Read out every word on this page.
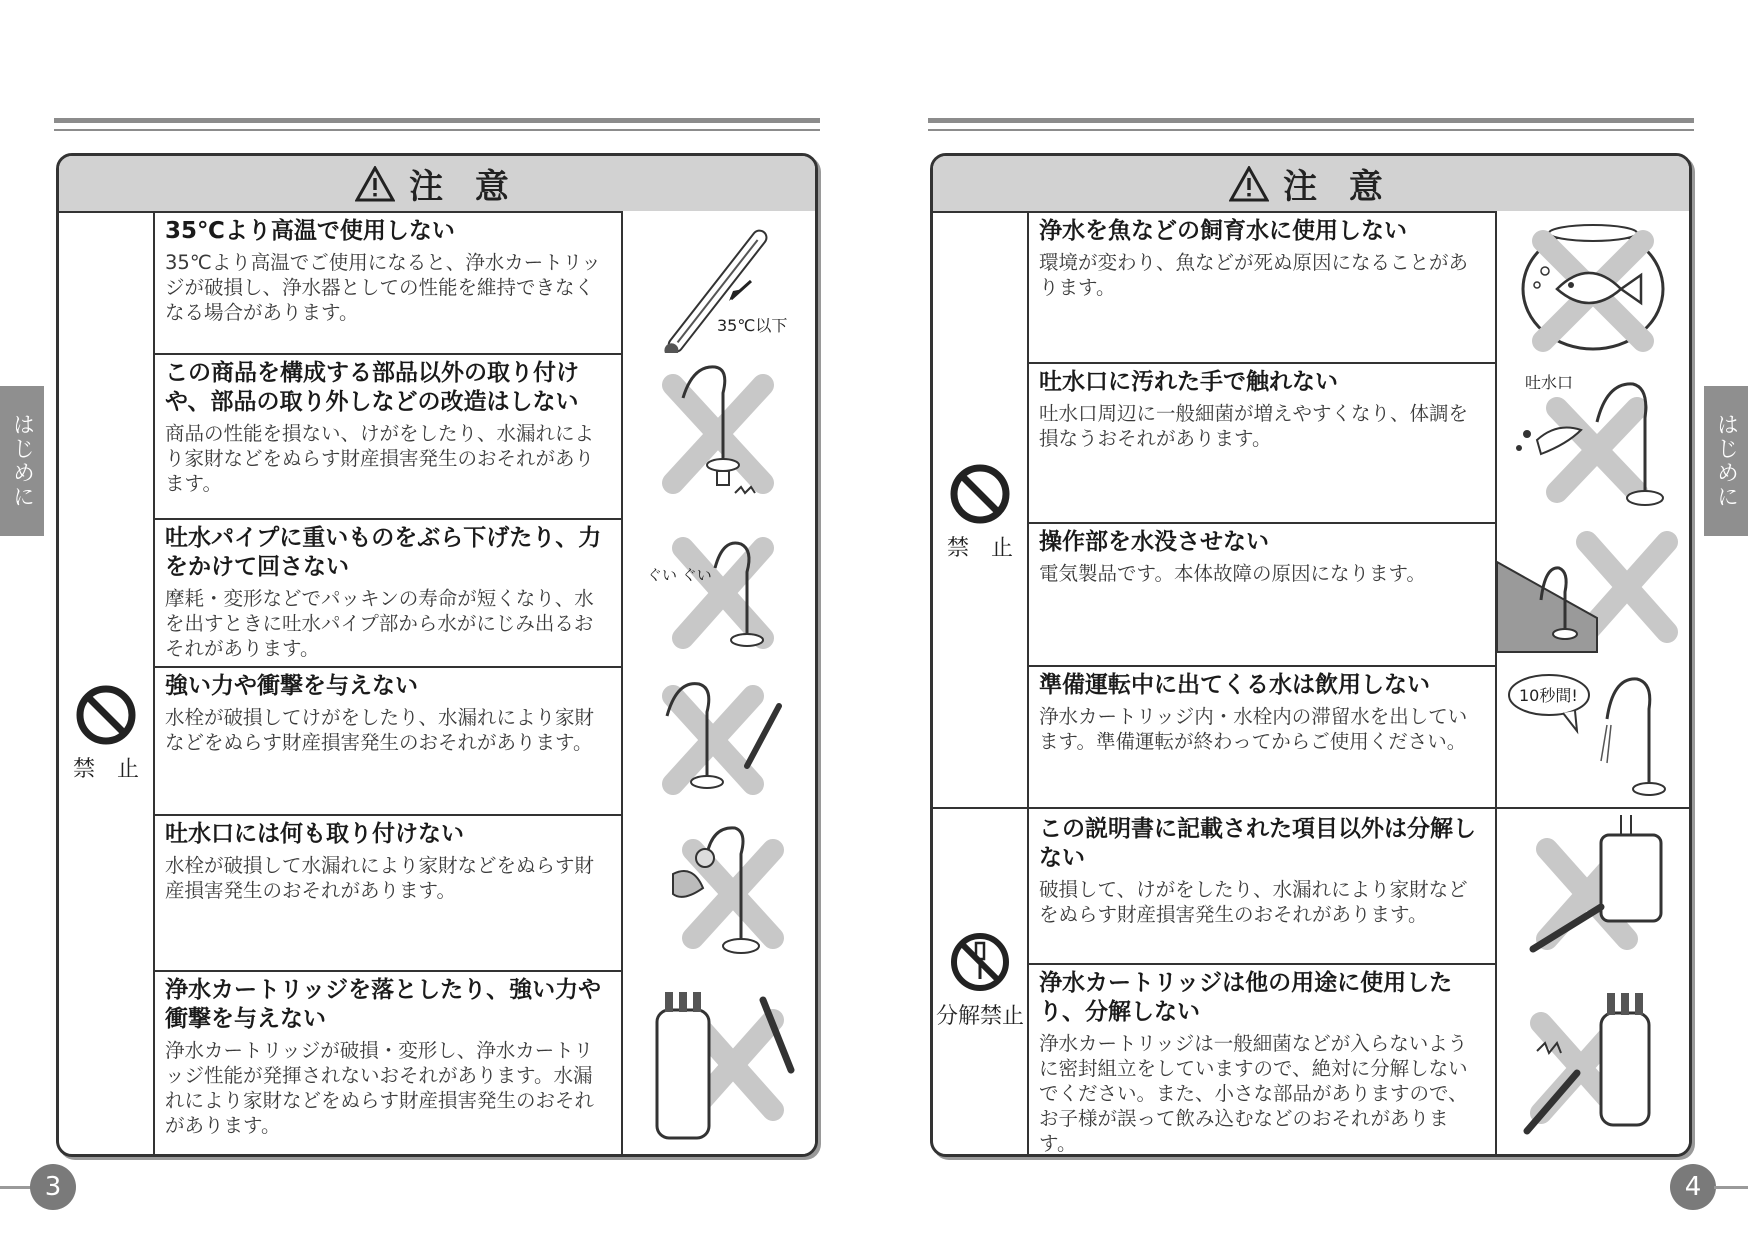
はじめに
注 意
禁　止

35℃より高温で使用しない

35℃より高温でご使用になると、浄水カートリッジが破損し、浄水器としての性能を維持できなくなる場合があります。

35℃以下

この商品を構成する部品以外の取り付けや、部品の取り外しなどの改造はしない

商品の性能を損ない、けがをしたり、水漏れにより家財などをぬらす財産損害発生のおそれがあります。

吐水パイプに重いものをぶら下げたり、力をかけて回さない

摩耗・変形などでパッキンの寿命が短くなり、水を出すときに吐水パイプ部から水がにじみ出るおそれがあります。

ぐい ぐい

強い力や衝撃を与えない

水栓が破損してけがをしたり、水漏れにより家財などをぬらす財産損害発生のおそれがあります。

吐水口には何も取り付けない

水栓が破損して水漏れにより家財などをぬらす財産損害発生のおそれがあります。

浄水カートリッジを落としたり、強い力や衝撃を与えない

浄水カートリッジが破損・変形し、浄水カートリッジ性能が発揮されないおそれがあります。水漏れにより家財などをぬらす財産損害発生のおそれがあります。

3
はじめに
注 意
禁　止
分解禁止

浄水を魚などの飼育水に使用しない

環境が変わり、魚などが死ぬ原因になることがあります。

吐水口に汚れた手で触れない

吐水口周辺に一般細菌が増えやすくなり、体調を損なうおそれがあります。

吐水口

操作部を水没させない

電気製品です。本体故障の原因になります。

準備運転中に出てくる水は飲用しない

浄水カートリッジ内・水栓内の滞留水を出しています。準備運転が終わってからご使用ください。

10秒間!

この説明書に記載された項目以外は分解しない

破損して、けがをしたり、水漏れにより家財などをぬらす財産損害発生のおそれがあります。

浄水カートリッジは他の用途に使用したり、分解しない

浄水カートリッジは一般細菌などが入らないように密封組立をしていますので、絶対に分解しないでください。また、小さな部品がありますので、お子様が誤って飲み込むなどのおそれがあります。

4
